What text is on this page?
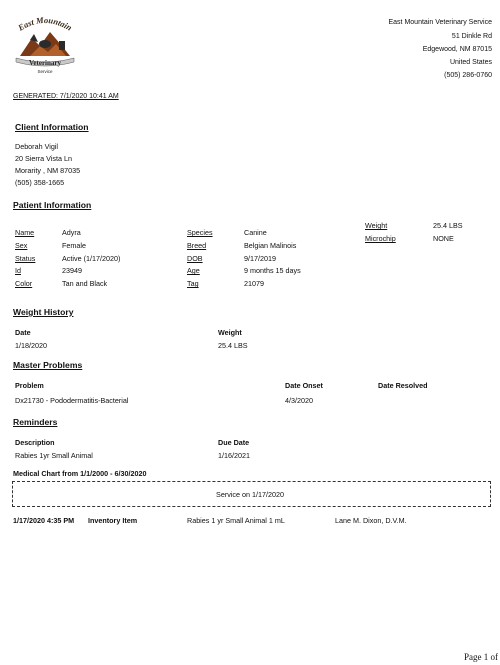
East Mountain
Veterinary
Service
East Mountain Veterinary Service
51 Dinkle Rd
Edgewood, NM 87015
United States
(505) 286-0760
GENERATED: 7/1/2020 10:41 AM
Client Information
Deborah Vigil
20 Sierra Vista Ln
Morarity , NM 87035
(505) 358-1665
Patient Information
Name	Adyra
Sex	Female
Status	Active (1/17/2020)
Id	23949
Color	Tan and Black
Species	Canine
Breed	Belgian Malinois
DOB	9/17/2019
Age	9 months 15 days
Tag	21079
Weight	25.4 LBS
Microchip	NONE
Weight History
Date	Weight
1/18/2020	25.4 LBS
Master Problems
Problem	Date Onset	Date Resolved
Dx21730 - Pododermatitis-Bacterial	4/3/2020
Reminders
Description	Due Date
Rabies 1yr Small Animal	1/16/2021
Medical Chart from 1/1/2000 - 6/30/2020
Service on 1/17/2020
1/17/2020 4:35 PM Inventory Item	Rabies 1 yr Small Animal 1 mL	Lane M. Dixon, D.V.M.
Page 1 of
